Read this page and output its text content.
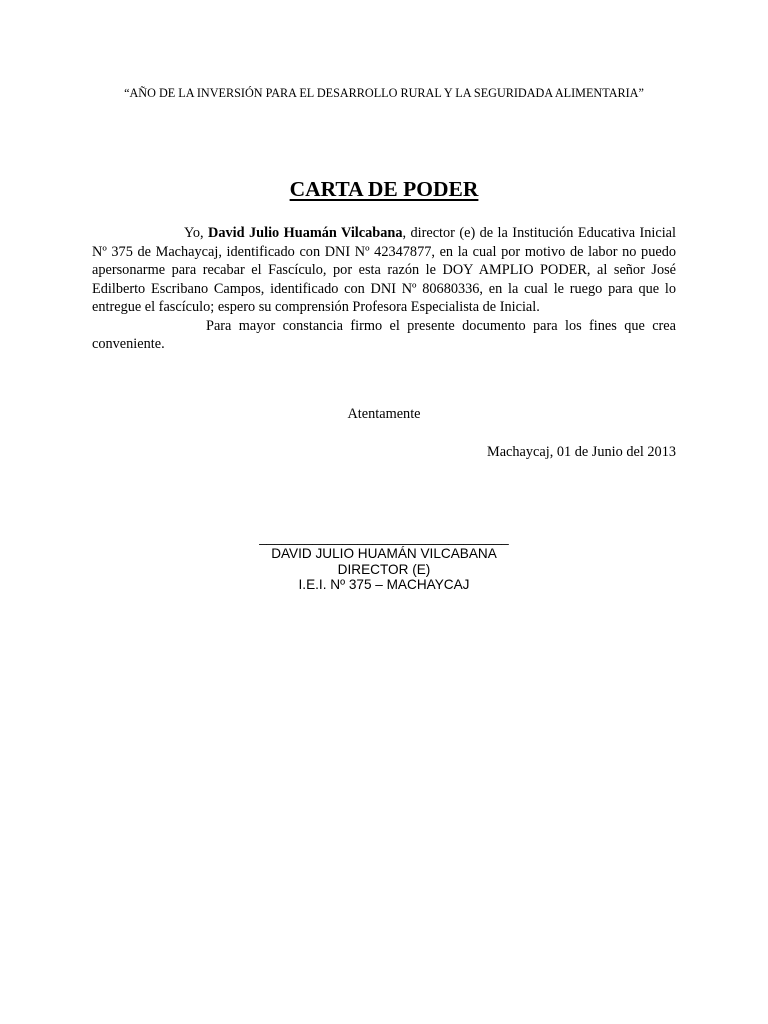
“AÑO DE LA INVERSIÓN PARA EL DESARROLLO RURAL Y LA SEGURIDADA ALIMENTARIA”
CARTA DE PODER

Yo, David Julio Huamán Vilcabana, director (e) de la Institución Educativa Inicial Nº 375 de Machaycaj, identificado con DNI Nº 42347877, en la cual por motivo de labor no puedo apersonarme para recabar el Fascículo, por esta razón le DOY AMPLIO PODER, al señor José Edilberto Escribano Campos, identificado con DNI Nº 80680336, en la cual le ruego para que lo entregue el fascículo; espero su comprensión Profesora Especialista de Inicial.

Para mayor constancia firmo el presente documento para los fines que crea conveniente.

Atentamente
Machaycaj, 01 de Junio del 2013
_________________________________
DAVID JULIO HUAMÁN VILCABANA
DIRECTOR (E)
I.E.I. Nº 375 – MACHAYCAJ
